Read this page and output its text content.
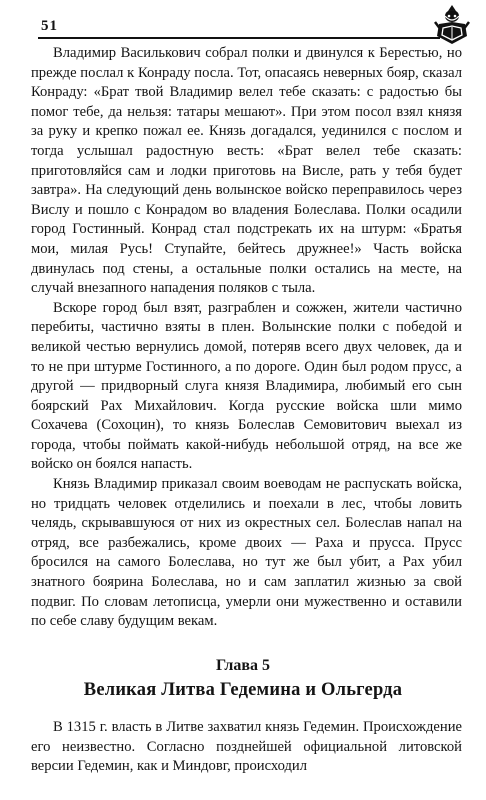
51

Владимир Василькович собрал полки и двинулся к Берестью, но прежде послал к Конраду посла. Тот, опасаясь неверных бояр, сказал Конраду: «Брат твой Владимир велел тебе сказать: с радостью бы помог тебе, да нельзя: татары мешают». При этом посол взял князя за руку и крепко пожал ее. Князь догадался, уединился с послом и тогда услышал радостную весть: «Брат велел тебе сказать: приготовляйся сам и лодки приготовь на Висле, рать у тебя будет завтра». На следующий день волынское войско переправилось через Вислу и пошло с Конрадом во владения Болеслава. Полки осадили город Гостинный. Конрад стал подстрекать их на штурм: «Братья мои, милая Русь! Ступайте, бейтесь дружнее!» Часть войска двинулась под стены, а остальные полки остались на месте, на случай внезапного нападения поляков с тыла.

Вскоре город был взят, разграблен и сожжен, жители частично перебиты, частично взяты в плен. Волынские полки с победой и великой честью вернулись домой, потеряв всего двух человек, да и то не при штурме Гостинного, а по дороге. Один был родом прусс, а другой — придворный слуга князя Владимира, любимый его сын боярский Рах Михайлович. Когда русские войска шли мимо Сохачева (Сохоцин), то князь Болеслав Семовитович выехал из города, чтобы поймать какой-нибудь небольшой отряд, на все же войско он боялся напасть.

Князь Владимир приказал своим воеводам не распускать войска, но тридцать человек отделились и поехали в лес, чтобы ловить челядь, скрывавшуюся от них из окрестных сел. Болеслав напал на отряд, все разбежались, кроме двоих — Раха и прусса. Прусс бросился на самого Болеслава, но тут же был убит, а Рах убил знатного боярина Болеслава, но и сам заплатил жизнью за свой подвиг. По словам летописца, умерли они мужественно и оставили по себе славу будущим векам.

Глава 5
Великая Литва Гедемина и Ольгерда

В 1315 г. власть в Литве захватил князь Гедемин. Происхождение его неизвестно. Согласно позднейшей официальной литовской версии Гедемин, как и Миндовг, происходил
